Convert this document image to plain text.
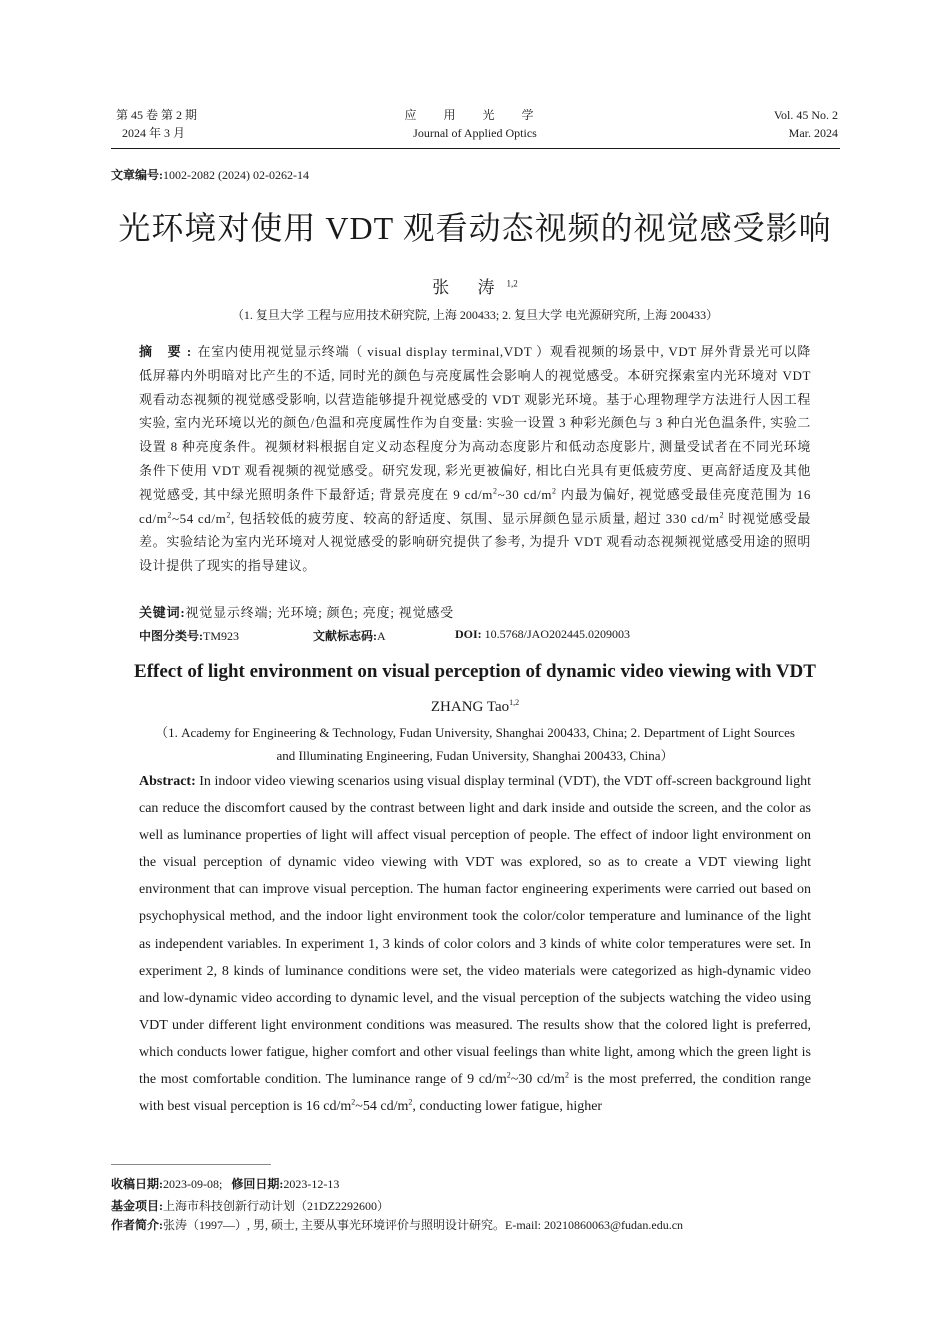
第 45 卷 第 2 期
2024 年 3 月
应 用 光 学
Journal of Applied Optics
Vol. 45 No. 2
Mar. 2024
文章编号:1002-2082 (2024) 02-0262-14
光环境对使用 VDT 观看动态视频的视觉感受影响
张 涛$^{1,2}$
（1. 复旦大学 工程与应用技术研究院, 上海 200433; 2. 复旦大学 电光源研究所, 上海 200433）
摘 要:在室内使用视觉显示终端（ visual display terminal,VDT ）观看视频的场景中, VDT 屏外背景光可以降低屏幕内外明暗对比产生的不适, 同时光的颜色与亮度属性会影响人的视觉感受。本研究探索室内光环境对 VDT 观看动态视频的视觉感受影响, 以营造能够提升视觉感受的 VDT 观影光环境。基于心理物理学方法进行人因工程实验, 室内光环境以光的颜色/色温和亮度属性作为自变量: 实验一设置 3 种彩光颜色与 3 种白光色温条件, 实验二设置 8 种亮度条件。视频材料根据自定义动态程度分为高动态度影片和低动态度影片, 测量受试者在不同光环境条件下使用 VDT 观看视频的视觉感受。研究发现, 彩光更被偏好, 相比白光具有更低疲劳度、更高舒适度及其他视觉感受, 其中绿光照明条件下最舒适; 背景亮度在 9 $cd/m^2\sim 30$ $cd/m^2$ 内最为偏好, 视觉感受最佳亮度范围为 16 $cd/m^2\sim 54$ $cd/m^2$, 包括较低的疲劳度、较高的舒适度、氛围、显示屏颜色显示质量, 超过 330 $cd/m^2$ 时视觉感受最差。实验结论为室内光环境对人视觉感受的影响研究提供了参考, 为提升 VDT 观看动态视频视觉感受用途的照明设计提供了现实的指导建议。
关键词:视觉显示终端; 光环境; 颜色; 亮度; 视觉感受
中图分类号:TM923	文献标志码:A	DOI: 10.5768/JAO202445.0209003
Effect of light environment on visual perception of dynamic video viewing with VDT
ZHANG Tao$^{1,2}$
（1. Academy for Engineering & Technology, Fudan University, Shanghai 200433, China; 2. Department of Light Sources and Illuminating Engineering, Fudan University, Shanghai 200433, China）
Abstract: In indoor video viewing scenarios using visual display terminal (VDT), the VDT off-screen background light can reduce the discomfort caused by the contrast between light and dark inside and outside the screen, and the color as well as luminance properties of light will affect visual perception of people. The effect of indoor light environment on the visual perception of dynamic video viewing with VDT was explored, so as to create a VDT viewing light environment that can improve visual perception. The human factor engineering experiments were carried out based on psychophysical method, and the indoor light environment took the color/color temperature and luminance of the light as independent variables. In experiment 1, 3 kinds of color colors and 3 kinds of white color temperatures were set. In experiment 2, 8 kinds of luminance conditions were set, the video materials were categorized as high-dynamic video and low-dynamic video according to dynamic level, and the visual perception of the subjects watching the video using VDT under different light environment conditions was measured. The results show that the colored light is preferred, which conducts lower fatigue, higher comfort and other visual feelings than white light, among which the green light is the most comfortable condition. The luminance range of 9 $cd/m^2\sim 30$ $cd/m^2$ is the most preferred, the condition range with best visual perception is 16 $cd/m^2\sim 54$ $cd/m^2$, conducting lower fatigue, higher
收稿日期:2023-09-08; 修回日期:2023-12-13
基金项目:上海市科技创新行动计划（21DZ2292600）
作者简介:张涛（1997—）, 男, 硕士, 主要从事光环境评价与照明设计研究。E-mail: 20210860063@fudan.edu.cn
